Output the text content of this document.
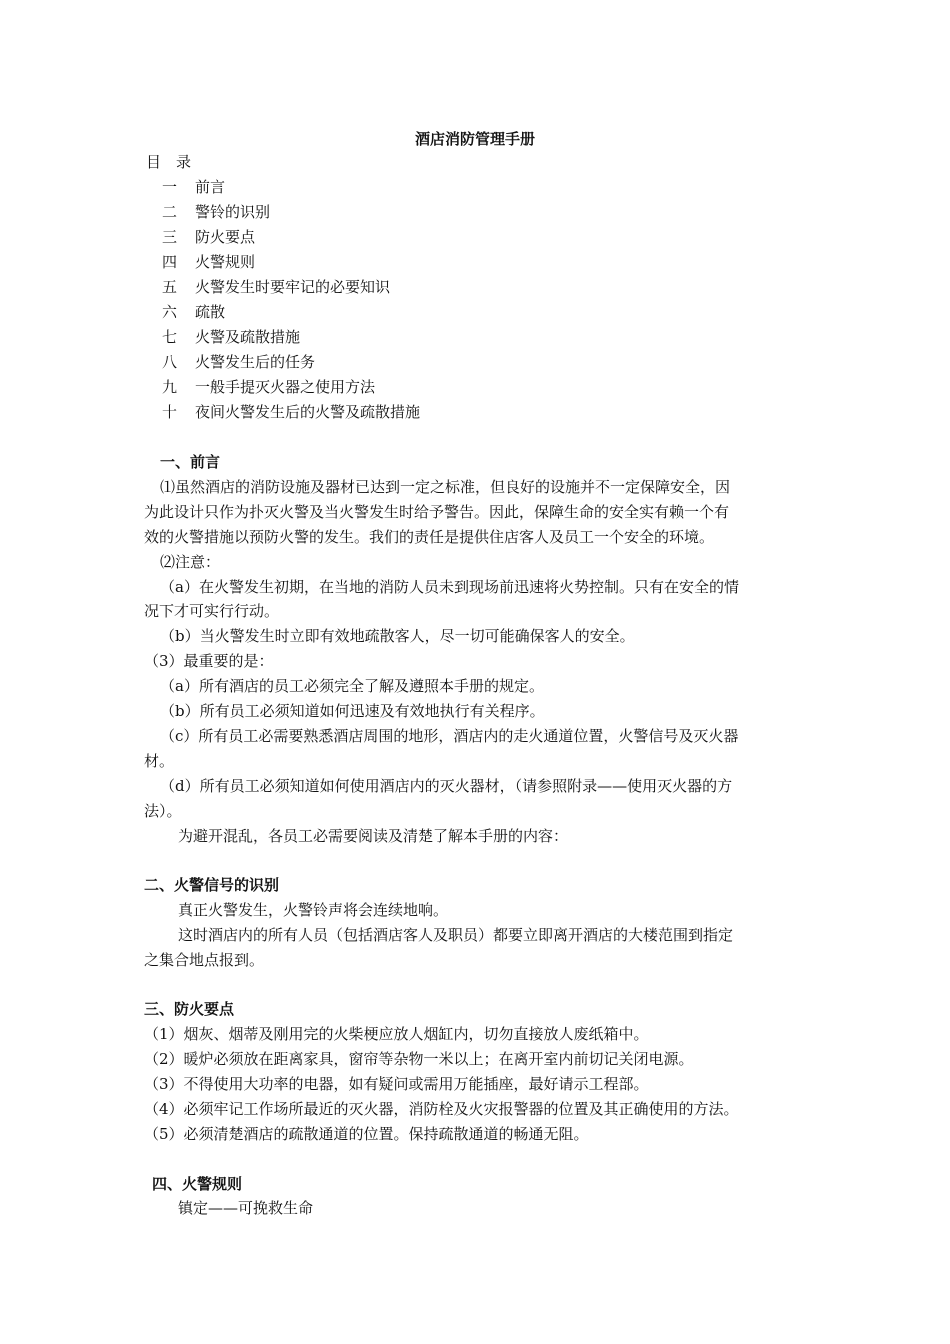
酒店消防管理手册
目　录
一 前言
二 警铃的识别
三 防火要点
四 火警规则
五 火警发生时要牢记的必要知识
六 疏散
七 火警及疏散措施
八 火警发生后的任务
九 一般手提灭火器之使用方法
十 夜间火警发生后的火警及疏散措施
一、前言
⑴虽然酒店的消防设施及器材已达到一定之标准，但良好的设施并不一定保障安全，因
为此设计只作为扑灭火警及当火警发生时给予警告。因此，保障生命的安全实有赖一个有
效的火警措施以预防火警的发生。我们的责任是提供住店客人及员工一个安全的环境。
⑵注意：
（a）在火警发生初期，在当地的消防人员未到现场前迅速将火势控制。只有在安全的情
况下才可实行行动。
（b）当火警发生时立即有效地疏散客人，尽一切可能确保客人的安全。
（3）最重要的是：
（a）所有酒店的员工必须完全了解及遵照本手册的规定。
（b）所有员工必须知道如何迅速及有效地执行有关程序。
（c）所有员工必需要熟悉酒店周围的地形，酒店内的走火通道位置，火警信号及灭火器
材。
（d）所有员工必须知道如何使用酒店内的灭火器材，（请参照附录——使用灭火器的方
法）。
为避开混乱，各员工必需要阅读及清楚了解本手册的内容：
二、火警信号的识别
真正火警发生，火警铃声将会连续地响。
这时酒店内的所有人员（包括酒店客人及职员）都要立即离开酒店的大楼范围到指定
之集合地点报到。
三、防火要点
（1）烟灰、烟蒂及刚用完的火柴梗应放人烟缸内，切勿直接放人废纸箱中。
（2）暖炉必须放在距离家具，窗帘等杂物一米以上；在离开室内前切记关闭电源。
（3）不得使用大功率的电器，如有疑问或需用万能插座，最好请示工程部。
（4）必须牢记工作场所最近的灭火器，消防栓及火灾报警器的位置及其正确使用的方法。
（5）必须清楚酒店的疏散通道的位置。保持疏散通道的畅通无阻。
四、火警规则
镇定——可挽救生命
